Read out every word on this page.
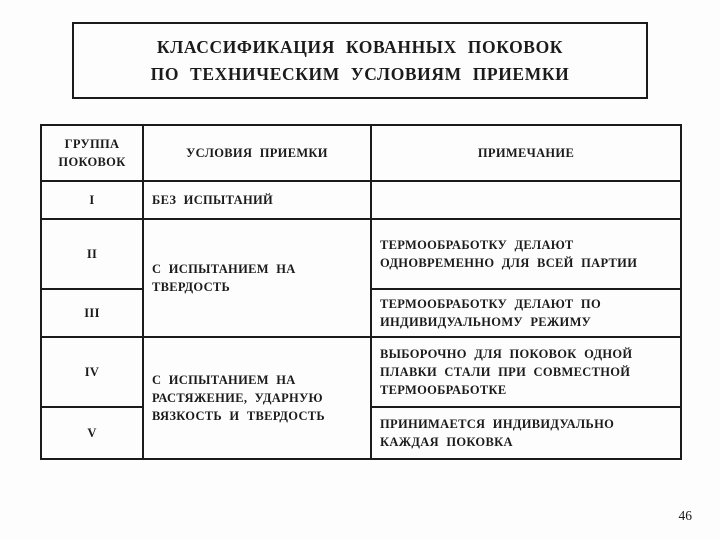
КЛАССИФИКАЦИЯ КОВАННЫХ ПОКОВОК
ПО ТЕХНИЧЕСКИМ УСЛОВИЯМ ПРИЕМКИ
ГРУППА ПОКОВОК	УСЛОВИЯ ПРИЕМКИ	ПРИМЕЧАНИЕ
I	БЕЗ ИСПЫТАНИЙ	
II	С ИСПЫТАНИЕМ НА ТВЕРДОСТЬ	ТЕРМООБРАБОТКУ ДЕЛАЮТ ОДНОВРЕМЕННО ДЛЯ ВСЕЙ ПАРТИИ
III		ТЕРМООБРАБОТКУ ДЕЛАЮТ ПО ИНДИВИДУАЛЬНОМУ РЕЖИМУ
IV	С ИСПЫТАНИЕМ НА РАСТЯЖЕНИЕ, УДАРНУЮ ВЯЗКОСТЬ И ТВЕРДОСТЬ	ВЫБОРОЧНО ДЛЯ ПОКОВОК ОДНОЙ ПЛАВКИ СТАЛИ ПРИ СОВМЕСТНОЙ ТЕРМООБРАБОТКЕ
V		ПРИНИМАЕТСЯ ИНДИВИДУАЛЬНО КАЖДАЯ ПОКОВКА
46
